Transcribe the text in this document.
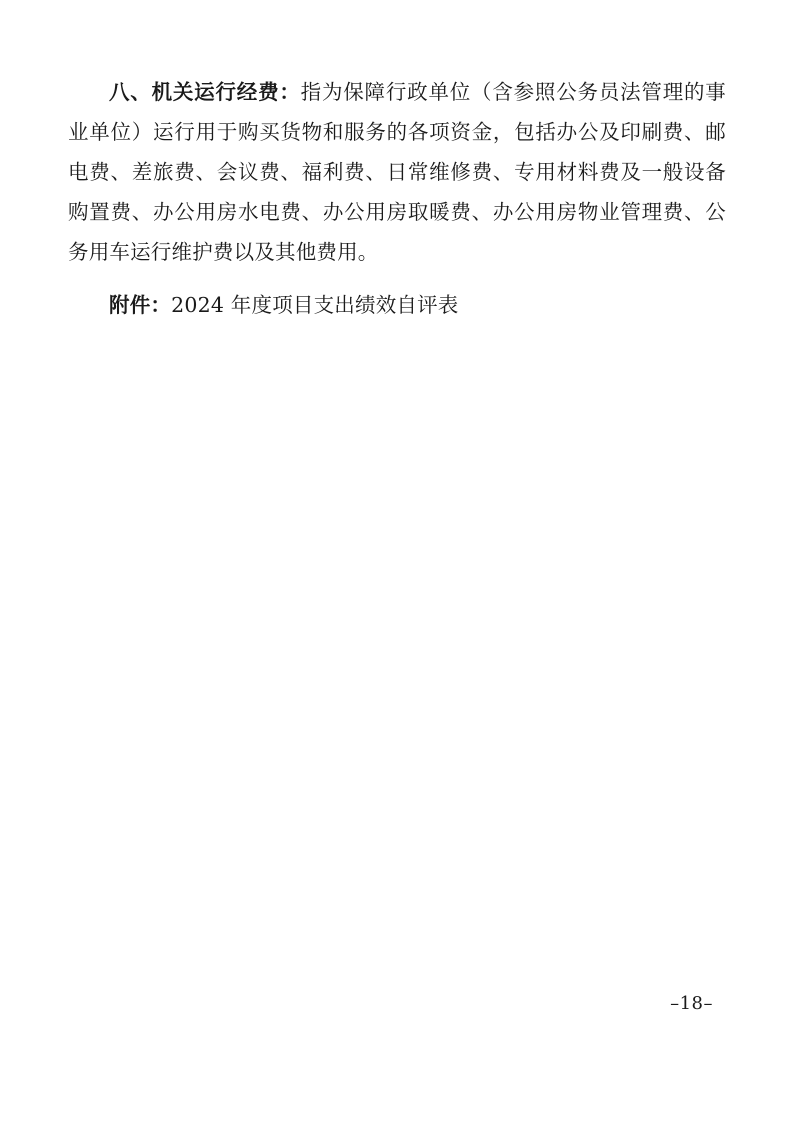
八、机关运行经费：指为保障行政单位（含参照公务员法管理的事业单位）运行用于购买货物和服务的各项资金，包括办公及印刷费、邮电费、差旅费、会议费、福利费、日常维修费、专用材料费及一般设备购置费、办公用房水电费、办公用房取暖费、办公用房物业管理费、公务用车运行维护费以及其他费用。

附件：2024 年度项目支出绩效自评表

–18–
